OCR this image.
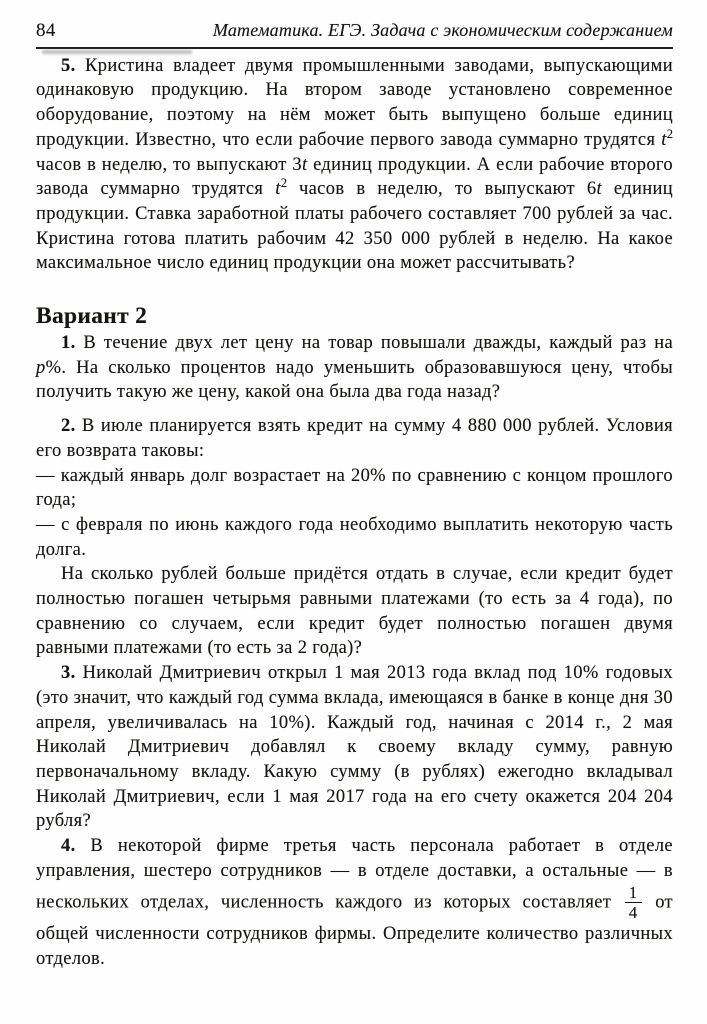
84	Математика. ЕГЭ. Задача с экономическим содержанием

5. Кристина владеет двумя промышленными заводами, выпускающими одинаковую продукцию. На втором заводе установлено современное оборудование, поэтому на нём может быть выпущено больше единиц продукции. Известно, что если рабочие первого завода суммарно трудятся $t^2$ часов в неделю, то выпускают 3t единиц продукции. А если рабочие второго завода суммарно трудятся $t^2$ часов в неделю, то выпускают 6t единиц продукции. Ставка заработной платы рабочего составляет 700 рублей за час. Кристина готова платить рабочим 42 350 000 рублей в неделю. На какое максимальное число единиц продукции она может рассчитывать?

Вариант 2

1. В течение двух лет цену на товар повышали дважды, каждый раз на p%. На сколько процентов надо уменьшить образовавшуюся цену, чтобы получить такую же цену, какой она была два года назад?

2. В июле планируется взять кредит на сумму 4 880 000 рублей. Условия его возврата таковы:

— каждый январь долг возрастает на 20% по сравнению с концом прошлого года;

— с февраля по июнь каждого года необходимо выплатить некоторую часть долга.

На сколько рублей больше придётся отдать в случае, если кредит будет полностью погашен четырьмя равными платежами (то есть за 4 года), по сравнению со случаем, если кредит будет полностью погашен двумя равными платежами (то есть за 2 года)?

3. Николай Дмитриевич открыл 1 мая 2013 года вклад под 10% годовых (это значит, что каждый год сумма вклада, имеющаяся в банке в конце дня 30 апреля, увеличивалась на 10%). Каждый год, начиная с 2014 г., 2 мая Николай Дмитриевич добавлял к своему вкладу сумму, равную первоначальному вкладу. Какую сумму (в рублях) ежегодно вкладывал Николай Дмитриевич, если 1 мая 2017 года на его счету окажется 204 204 рубля?

4. В некоторой фирме третья часть персонала работает в отделе управления, шестеро сотрудников — в отделе доставки, а остальные — в нескольких отделах, численность каждого из которых составляет $\frac{1}{4}$ от общей численности сотрудников фирмы. Определите количество различных отделов.
